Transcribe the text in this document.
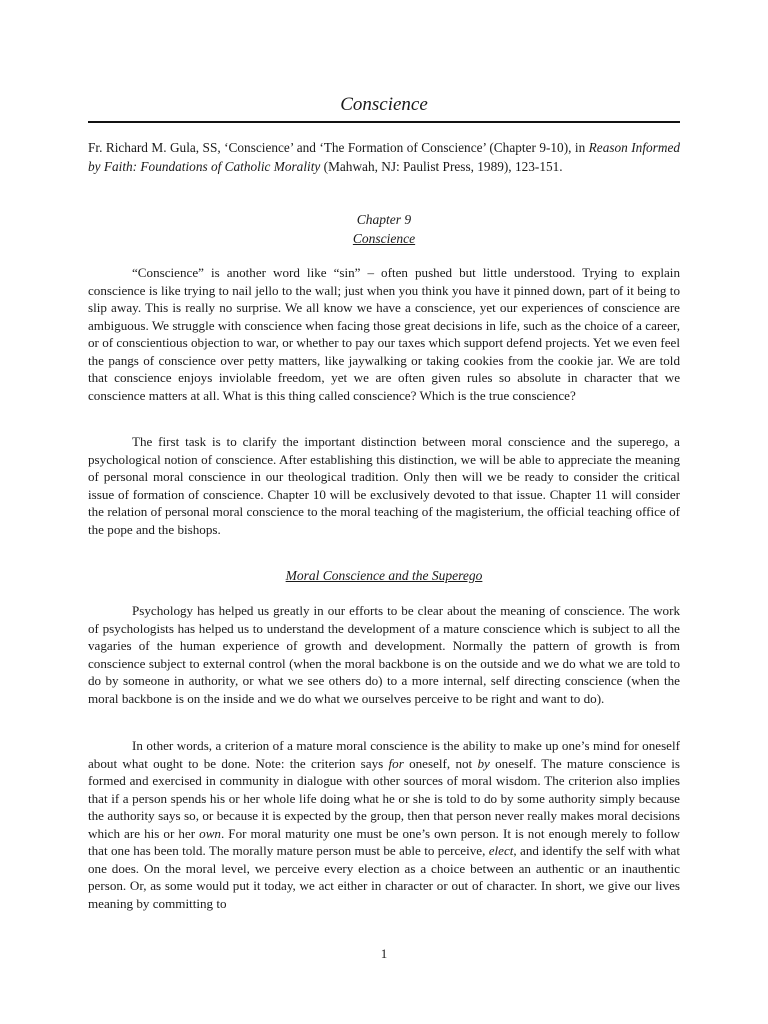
Conscience
Fr. Richard M. Gula, SS, ‘Conscience’ and ‘The Formation of Conscience’ (Chapter 9-10), in Reason Informed by Faith: Foundations of Catholic Morality (Mahwah, NJ: Paulist Press, 1989), 123-151.
Chapter 9
Conscience

“Conscience” is another word like “sin” – often pushed but little understood. Trying to explain conscience is like trying to nail jello to the wall; just when you think you have it pinned down, part of it being to slip away. This is really no surprise. We all know we have a conscience, yet our experiences of conscience are ambiguous. We struggle with conscience when facing those great decisions in life, such as the choice of a career, or of conscientious objection to war, or whether to pay our taxes which support defend projects. Yet we even feel the pangs of conscience over petty matters, like jaywalking or taking cookies from the cookie jar. We are told that conscience enjoys inviolable freedom, yet we are often given rules so absolute in character that we conscience matters at all. What is this thing called conscience? Which is the true conscience?

The first task is to clarify the important distinction between moral conscience and the superego, a psychological notion of conscience. After establishing this distinction, we will be able to appreciate the meaning of personal moral conscience in our theological tradition. Only then will we be ready to consider the critical issue of formation of conscience. Chapter 10 will be exclusively devoted to that issue. Chapter 11 will consider the relation of personal moral conscience to the moral teaching of the magisterium, the official teaching office of the pope and the bishops.

Moral Conscience and the Superego

Psychology has helped us greatly in our efforts to be clear about the meaning of conscience. The work of psychologists has helped us to understand the development of a mature conscience which is subject to all the vagaries of the human experience of growth and development. Normally the pattern of growth is from conscience subject to external control (when the moral backbone is on the outside and we do what we are told to do by someone in authority, or what we see others do) to a more internal, self directing conscience (when the moral backbone is on the inside and we do what we ourselves perceive to be right and want to do).

In other words, a criterion of a mature moral conscience is the ability to make up one’s mind for oneself about what ought to be done. Note: the criterion says for oneself, not by oneself. The mature conscience is formed and exercised in community in dialogue with other sources of moral wisdom. The criterion also implies that if a person spends his or her whole life doing what he or she is told to do by some authority simply because the authority says so, or because it is expected by the group, then that person never really makes moral decisions which are his or her own. For moral maturity one must be one’s own person. It is not enough merely to follow that one has been told. The morally mature person must be able to perceive, elect, and identify the self with what one does. On the moral level, we perceive every election as a choice between an authentic or an inauthentic person. Or, as some would put it today, we act either in character or out of character. In short, we give our lives meaning by committing to

1
